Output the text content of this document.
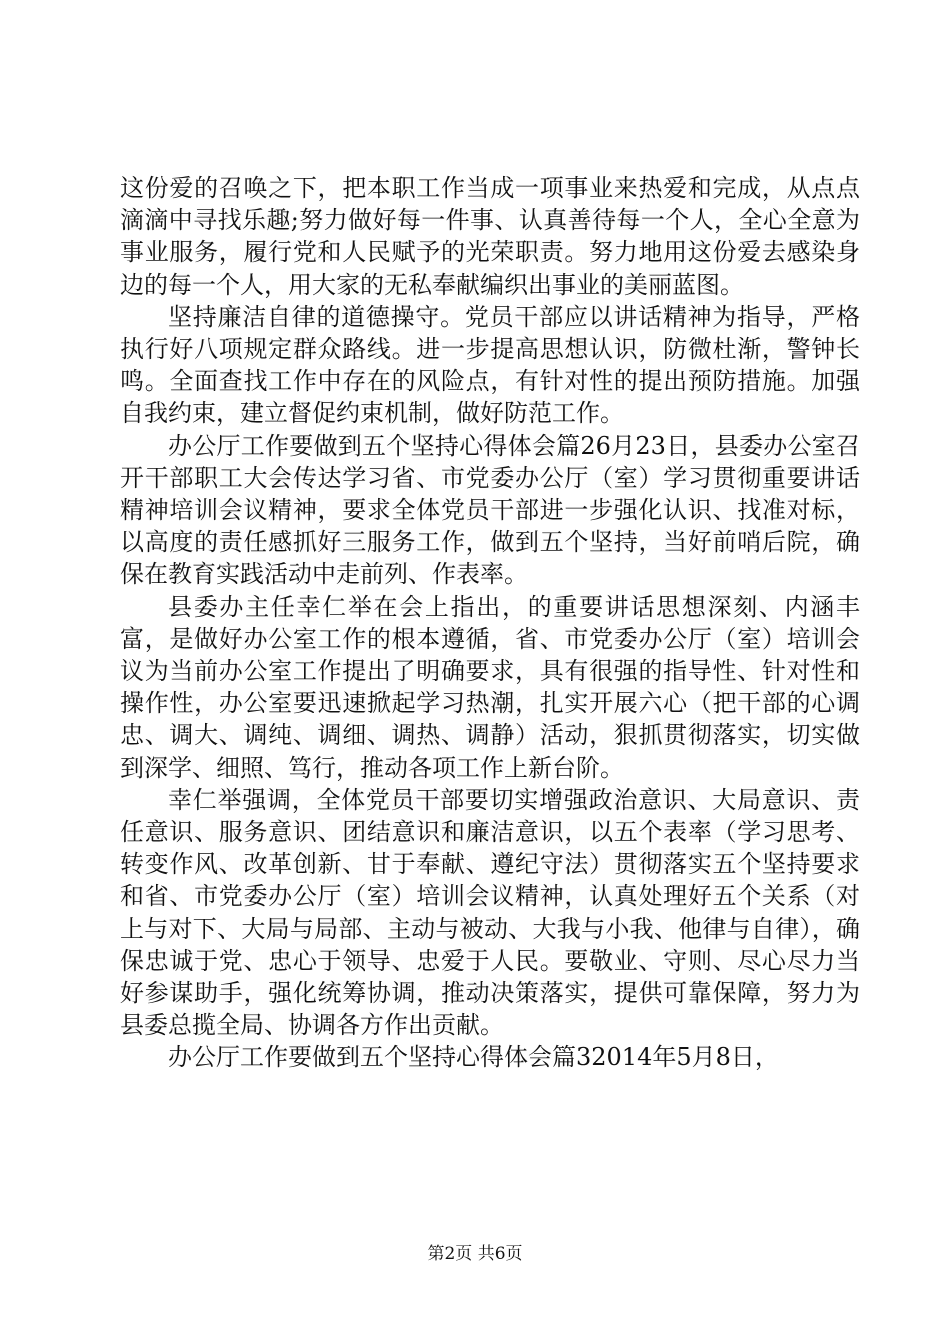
这份爱的召唤之下，把本职工作当成一项事业来热爱和完成，从点点滴滴中寻找乐趣;努力做好每一件事、认真善待每一个人，全心全意为事业服务，履行党和人民赋予的光荣职责。努力地用这份爱去感染身边的每一个人，用大家的无私奉献编织出事业的美丽蓝图。

坚持廉洁自律的道德操守。党员干部应以讲话精神为指导，严格执行好八项规定群众路线。进一步提高思想认识，防微杜渐，警钟长鸣。全面查找工作中存在的风险点，有针对性的提出预防措施。加强自我约束，建立督促约束机制，做好防范工作。

办公厅工作要做到五个坚持心得体会篇26月23日，县委办公室召开干部职工大会传达学习省、市党委办公厅（室）学习贯彻重要讲话精神培训会议精神，要求全体党员干部进一步强化认识、找准对标，以高度的责任感抓好三服务工作，做到五个坚持，当好前哨后院，确保在教育实践活动中走前列、作表率。

县委办主任幸仁举在会上指出，的重要讲话思想深刻、内涵丰富，是做好办公室工作的根本遵循，省、市党委办公厅（室）培训会议为当前办公室工作提出了明确要求，具有很强的指导性、针对性和操作性，办公室要迅速掀起学习热潮，扎实开展六心（把干部的心调忠、调大、调纯、调细、调热、调静）活动，狠抓贯彻落实，切实做到深学、细照、笃行，推动各项工作上新台阶。

幸仁举强调，全体党员干部要切实增强政治意识、大局意识、责任意识、服务意识、团结意识和廉洁意识，以五个表率（学习思考、转变作风、改革创新、甘于奉献、遵纪守法）贯彻落实五个坚持要求和省、市党委办公厅（室）培训会议精神，认真处理好五个关系（对上与对下、大局与局部、主动与被动、大我与小我、他律与自律），确保忠诚于党、忠心于领导、忠爱于人民。要敬业、守则、尽心尽力当好参谋助手，强化统筹协调，推动决策落实，提供可靠保障，努力为县委总揽全局、协调各方作出贡献。

办公厅工作要做到五个坚持心得体会篇32014年5月8日，

第2页 共6页
